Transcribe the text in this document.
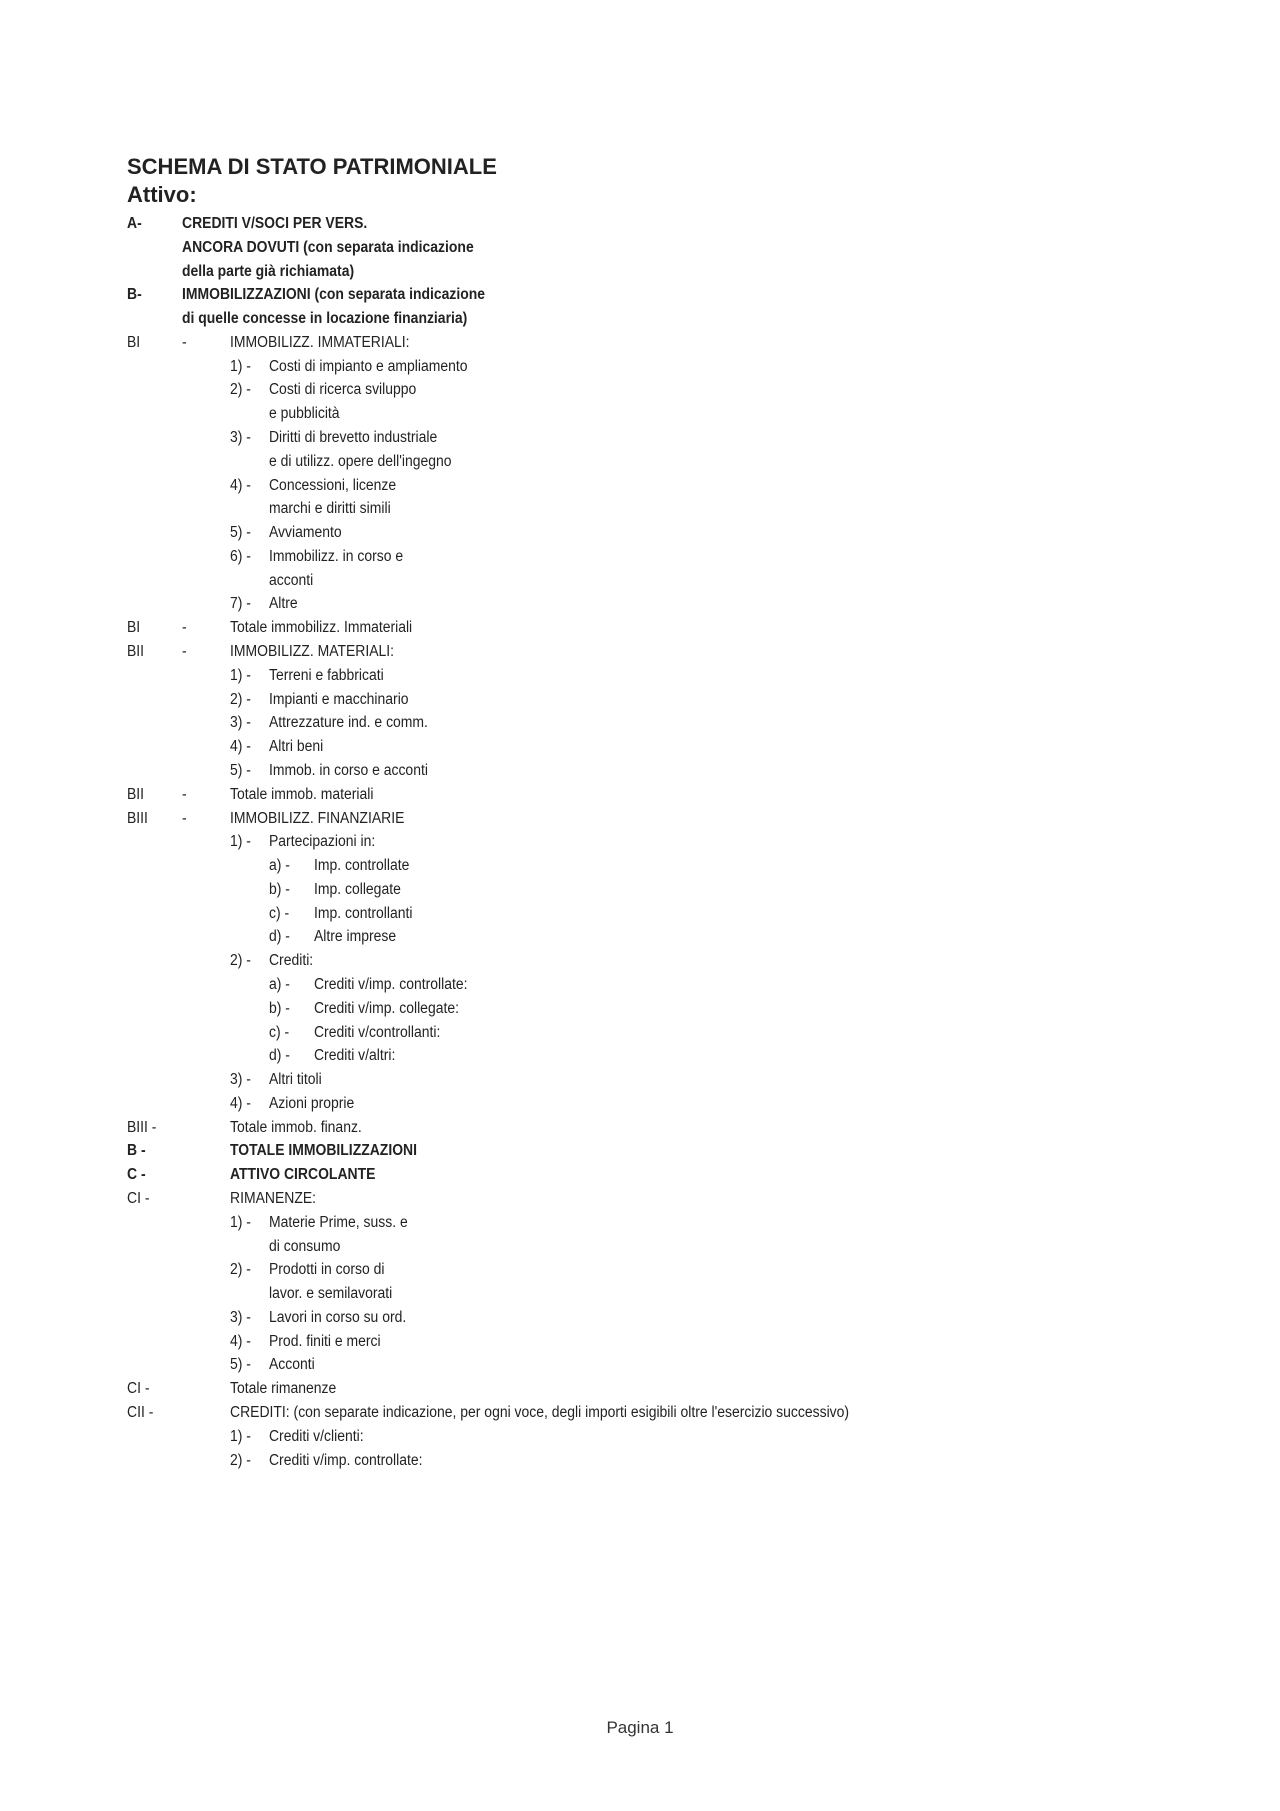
SCHEMA DI STATO PATRIMONIALE
Attivo:
A-	CREDITI V/SOCI PER VERS.
ANCORA DOVUTI (con separata indicazione
della parte già richiamata)
B-	IMMOBILIZZAZIONI (con separata indicazione
di quelle concesse in locazione finanziaria)
BI	-	IMMOBILIZZ. IMMATERIALI:
1) - Costi di impianto e ampliamento
2) - Costi di ricerca sviluppo
e pubblicità
3) - Diritti di brevetto industriale
e di utilizz. opere dell'ingegno
4) - Concessioni, licenze
marchi e diritti simili
5) - Avviamento
6) - Immobilizz. in corso e
acconti
7) - Altre
BI	-	Totale immobilizz. Immateriali
BII -	IMMOBILIZZ. MATERIALI:
1) - Terreni e fabbricati
2) - Impianti e macchinario
3) - Attrezzature ind. e comm.
4) - Altri beni
5) - Immob. in corso e acconti
BII -	Totale immob. materiali
BIII -	IMMOBILIZZ. FINANZIARIE
1) - Partecipazioni in:
a) - Imp. controllate
b) - Imp. collegate
c) - Imp. controllanti
d) - Altre imprese
2) - Crediti:
a) - Crediti v/imp. controllate:
b) - Crediti v/imp. collegate:
c) - Crediti v/controllanti:
d) - Crediti v/altri:
3) - Altri titoli
4) - Azioni proprie
BIII -	Totale immob. finanz.
B -	TOTALE IMMOBILIZZAZIONI
C -	ATTIVO CIRCOLANTE
CI -	RIMANENZE:
1) - Materie Prime, suss. e
di consumo
2) - Prodotti in corso di
lavor. e semilavorati
3) - Lavori in corso su ord.
4) - Prod. finiti e merci
5) - Acconti
CI -	Totale rimanenze
CII -	CREDITI: (con separate indicazione, per ogni voce, degli importi esigibili oltre l'esercizio successivo)
1) - Crediti v/clienti:
2) - Crediti v/imp. controllate:
Pagina 1
